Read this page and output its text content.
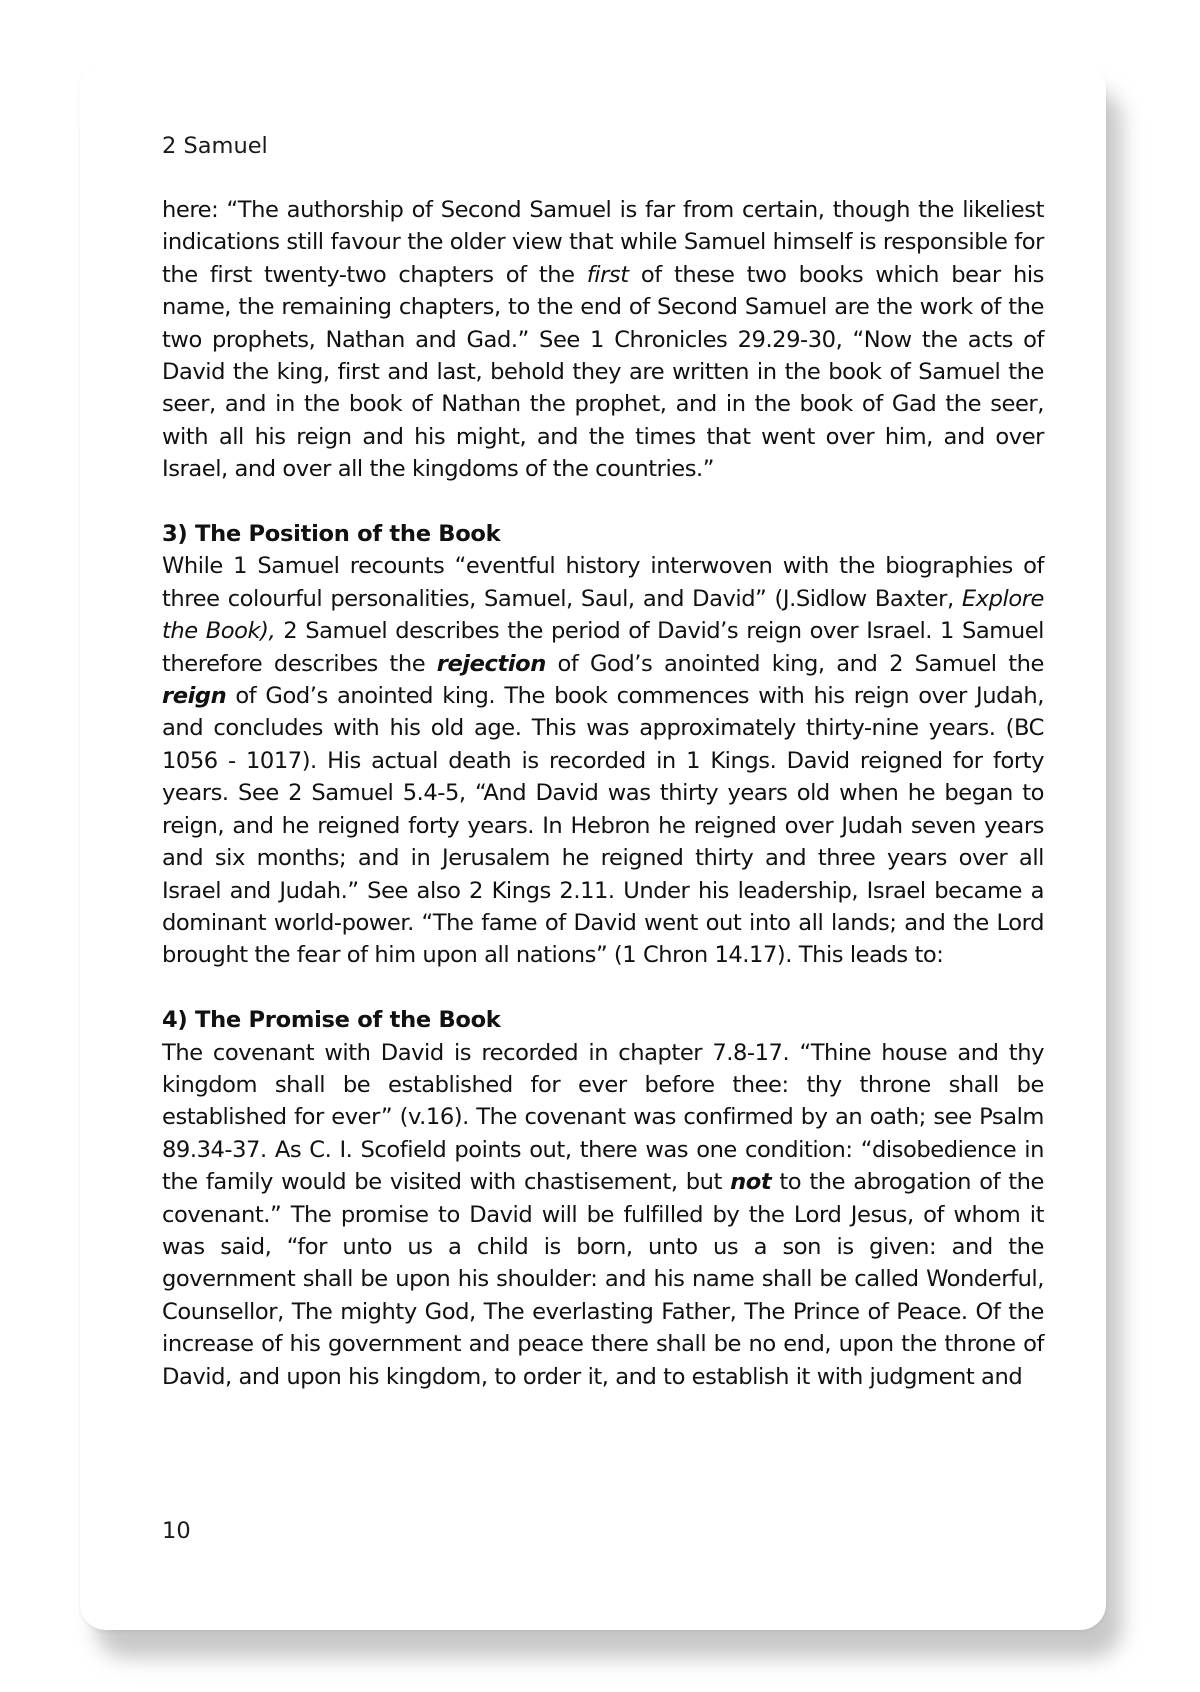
2 Samuel

here: “The authorship of Second Samuel is far from certain, though the likeliest indications still favour the older view that while Samuel himself is responsible for the first twenty-two chapters of the first of these two books which bear his name, the remaining chapters, to the end of Second Samuel are the work of the two prophets, Nathan and Gad.” See 1 Chronicles 29.29-30, “Now the acts of David the king, first and last, behold they are written in the book of Samuel the seer, and in the book of Nathan the prophet, and in the book of Gad the seer, with all his reign and his might, and the times that went over him, and over Israel, and over all the kingdoms of the countries.”

3) The Position of the Book

While 1 Samuel recounts “eventful history interwoven with the biographies of three colourful personalities, Samuel, Saul, and David” (J.Sidlow Baxter, Explore the Book), 2 Samuel describes the period of David’s reign over Israel. 1 Samuel therefore describes the rejection of God’s anointed king, and 2 Samuel the reign of God’s anointed king. The book commences with his reign over Judah, and concludes with his old age. This was approximately thirty-nine years. (BC 1056 - 1017). His actual death is recorded in 1 Kings. David reigned for forty years. See 2 Samuel 5.4-5, “And David was thirty years old when he began to reign, and he reigned forty years. In Hebron he reigned over Judah seven years and six months; and in Jerusalem he reigned thirty and three years over all Israel and Judah.” See also 2 Kings 2.11. Under his leadership, Israel became a dominant world-power. “The fame of David went out into all lands; and the Lord brought the fear of him upon all nations” (1 Chron 14.17). This leads to:

4) The Promise of the Book

The covenant with David is recorded in chapter 7.8-17. “Thine house and thy kingdom shall be established for ever before thee: thy throne shall be established for ever” (v.16). The covenant was confirmed by an oath; see Psalm 89.34-37. As C. I. Scofield points out, there was one condition: “disobedience in the family would be visited with chastisement, but not to the abrogation of the covenant.” The promise to David will be fulfilled by the Lord Jesus, of whom it was said, “for unto us a child is born, unto us a son is given: and the government shall be upon his shoulder: and his name shall be called Wonderful, Counsellor, The mighty God, The everlasting Father, The Prince of Peace. Of the increase of his government and peace there shall be no end, upon the throne of David, and upon his kingdom, to order it, and to establish it with judgment and

10
